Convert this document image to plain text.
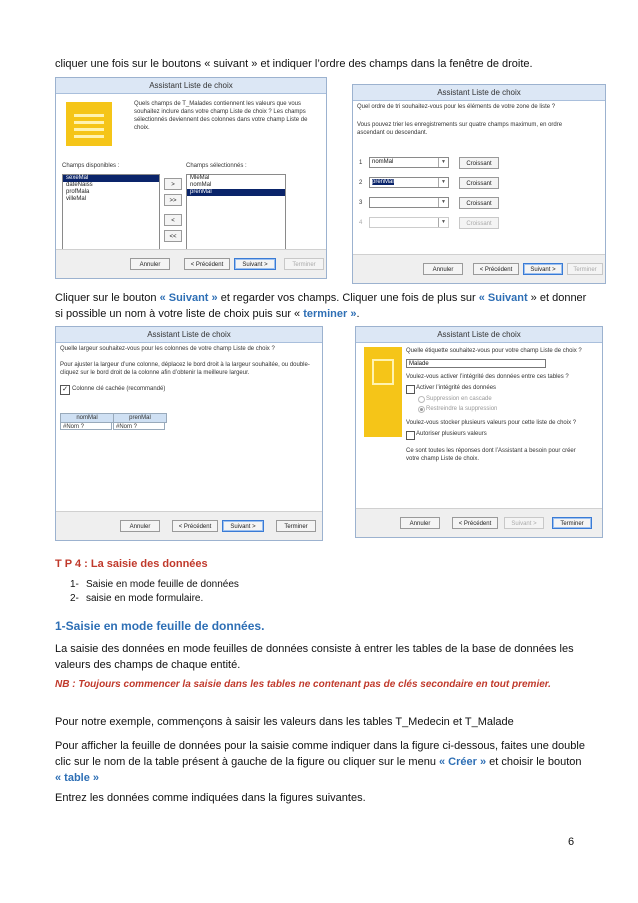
cliquer une fois sur le boutons « suivant » et indiquer l’ordre des champs dans la fenêtre de droite.
Assistant Liste de choix
Quels champs de T_Malades contiennent les valeurs que vous souhaitez inclure dans votre champ Liste de choix ? Les champs sélectionnés deviennent des colonnes dans votre champ Liste de choix.
Champs disponibles :	Champs sélectionnés :
sexeMal
dateNaiss
profMala
villeMal
>
>>
<
<<
MleMal
nomMal
prenMal
Annuler	< Précédent	Suivant >	Terminer
Assistant Liste de choix
Quel ordre de tri souhaitez-vous pour les éléments de votre zone de liste ?
Vous pouvez trier les enregistrements sur quatre champs maximum, en ordre ascendant ou descendant.
1	nomMal	▼	Croissant
2	prenMal	▼	Croissant
3	▼	Croissant
4	▼	Croissant
Annuler	< Précédent	Suivant >	Terminer
Cliquer sur le bouton « Suivant » et regarder vos champs. Cliquer une fois de plus sur « Suivant » et donner si possible un nom à votre liste de choix puis sur « terminer ».
Assistant Liste de choix
Quelle largeur souhaitez-vous pour les colonnes de votre champ Liste de choix ?
Pour ajuster la largeur d’une colonne, déplacez le bord droit à la largeur souhaitée, ou double-cliquez sur le bord droit de la colonne afin d’obtenir la meilleure largeur.
✓ Colonne clé cachée (recommandé)
nomMal	prenMal
#Nom ?	#Nom ?
Annuler	< Précédent	Suivant >	Terminer
Assistant Liste de choix
Quelle étiquette souhaitez-vous pour votre champ Liste de choix ?
Malade
Voulez-vous activer l’intégrité des données entre ces tables ?
Activer l’intégrité des données
Suppression en cascade
Restreindre la suppression
Voulez-vous stocker plusieurs valeurs pour cette liste de choix ?
Autoriser plusieurs valeurs
Ce sont toutes les réponses dont l’Assistant a besoin pour créer votre champ Liste de choix.
Annuler	< Précédent	Suivant >	Terminer
T P 4 : La saisie des données
1- Saisie en mode feuille de données
2- saisie en mode formulaire.
1-Saisie en mode feuille de données.
La saisie des données en mode feuilles de données consiste à entrer les tables de la base de données les valeurs des champs de chaque entité.
NB : Toujours commencer la saisie dans les tables ne contenant pas de clés secondaire en tout premier.
Pour notre exemple, commençons à saisir les valeurs dans les tables T_Medecin et T_Malade
Pour afficher la feuille de données pour la saisie comme indiquer dans la figure ci-dessous, faites une double clic sur le nom de la table présent à gauche de la figure ou cliquer sur le menu « Créer » et choisir le bouton « table »
Entrez les données comme indiquées dans la figures suivantes.
6
